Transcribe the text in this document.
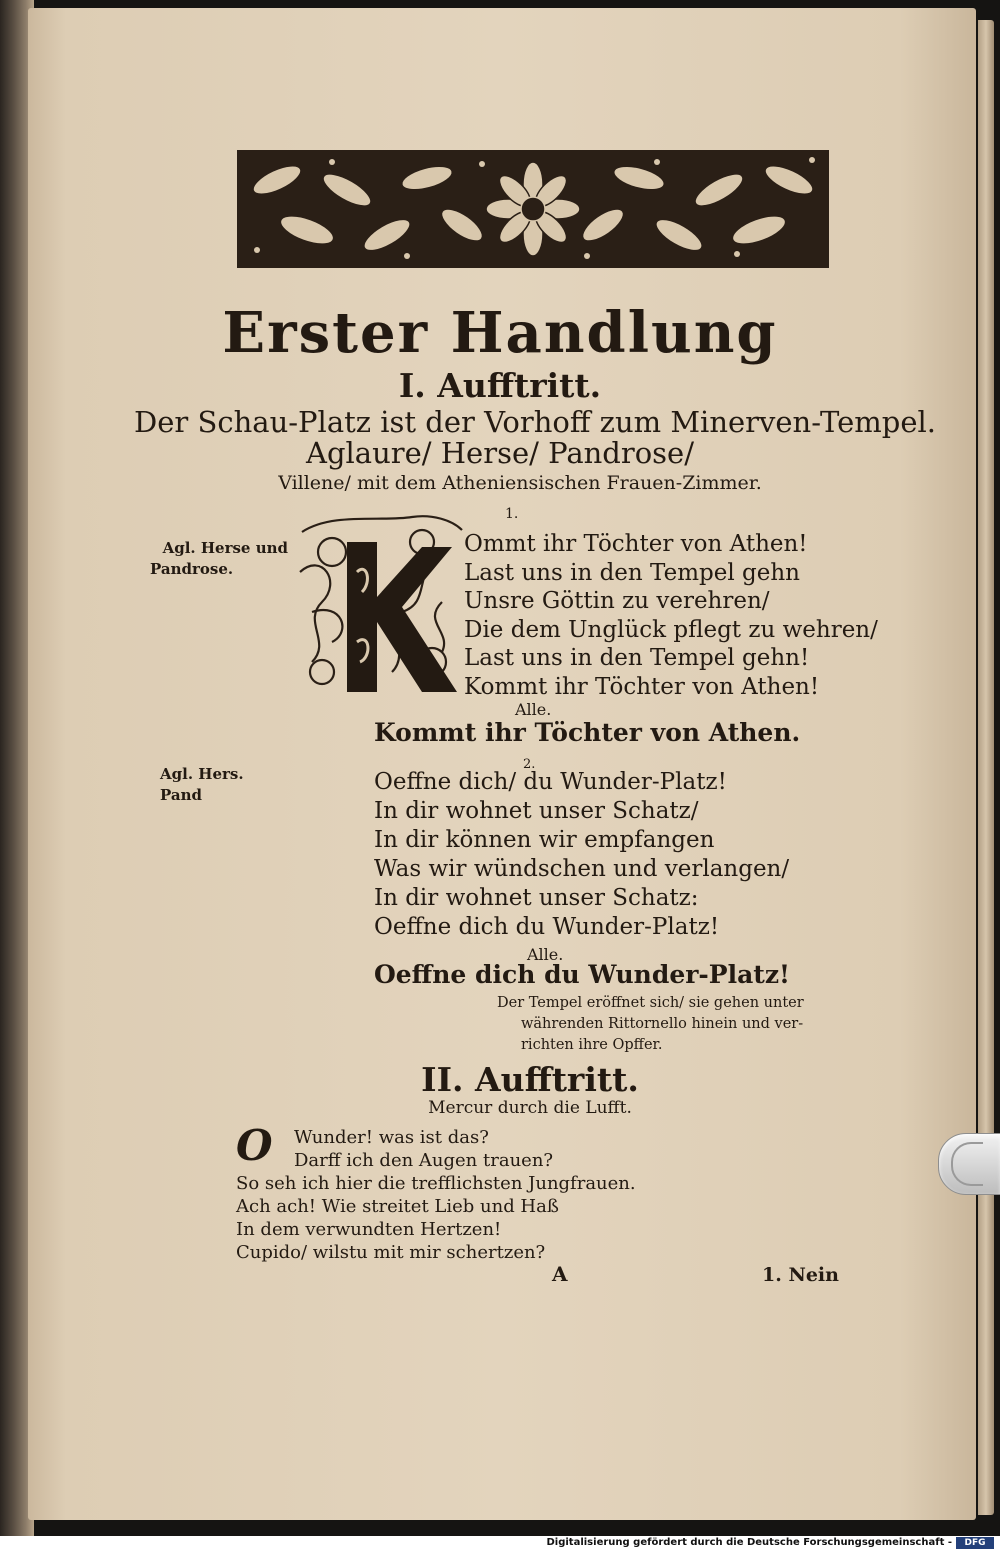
Erster Handlung
I. Aufftritt.
Der Schau-Platz ist der Vorhoff zum Minerven-Tempel.
Aglaure/ Herse/ Pandrose/
Villene/ mit dem Atheniensischen Frauen-Zimmer.
1.
Agl. Herse und
Pandrose.
Ommt ihr Töchter von Athen!
Last uns in den Tempel gehn
Unsre Göttin zu verehren/
Die dem Unglück pflegt zu wehren/
Last uns in den Tempel gehn!
Kommt ihr Töchter von Athen!
Alle.
Kommt ihr Töchter von Athen.
2.
Agl. Hers. Pand	Oeffne dich/ du Wunder-Platz!
In dir wohnet unser Schatz/
In dir können wir empfangen
Was wir wündschen und verlangen/
In dir wohnet unser Schatz:
Oeffne dich du Wunder-Platz!
Alle.
Oeffne dich du Wunder-Platz!
Der Tempel eröffnet sich/ sie gehen unter
währenden Rittornello hinein und ver-
richten ihre Opffer.
II. Aufftritt.
Mercur durch die Lufft.
O	Wunder! was ist das?
Darff ich den Augen trauen?
So seh ich hier die trefflichsten Jungfrauen.
Ach ach! Wie streitet Lieb und Haß
In dem verwundten Hertzen!
Cupido/ wilstu mit mir schertzen?
A	1. Nein
Digitalisierung gefördert durch die Deutsche Forschungsgemeinschaft -	DFG
